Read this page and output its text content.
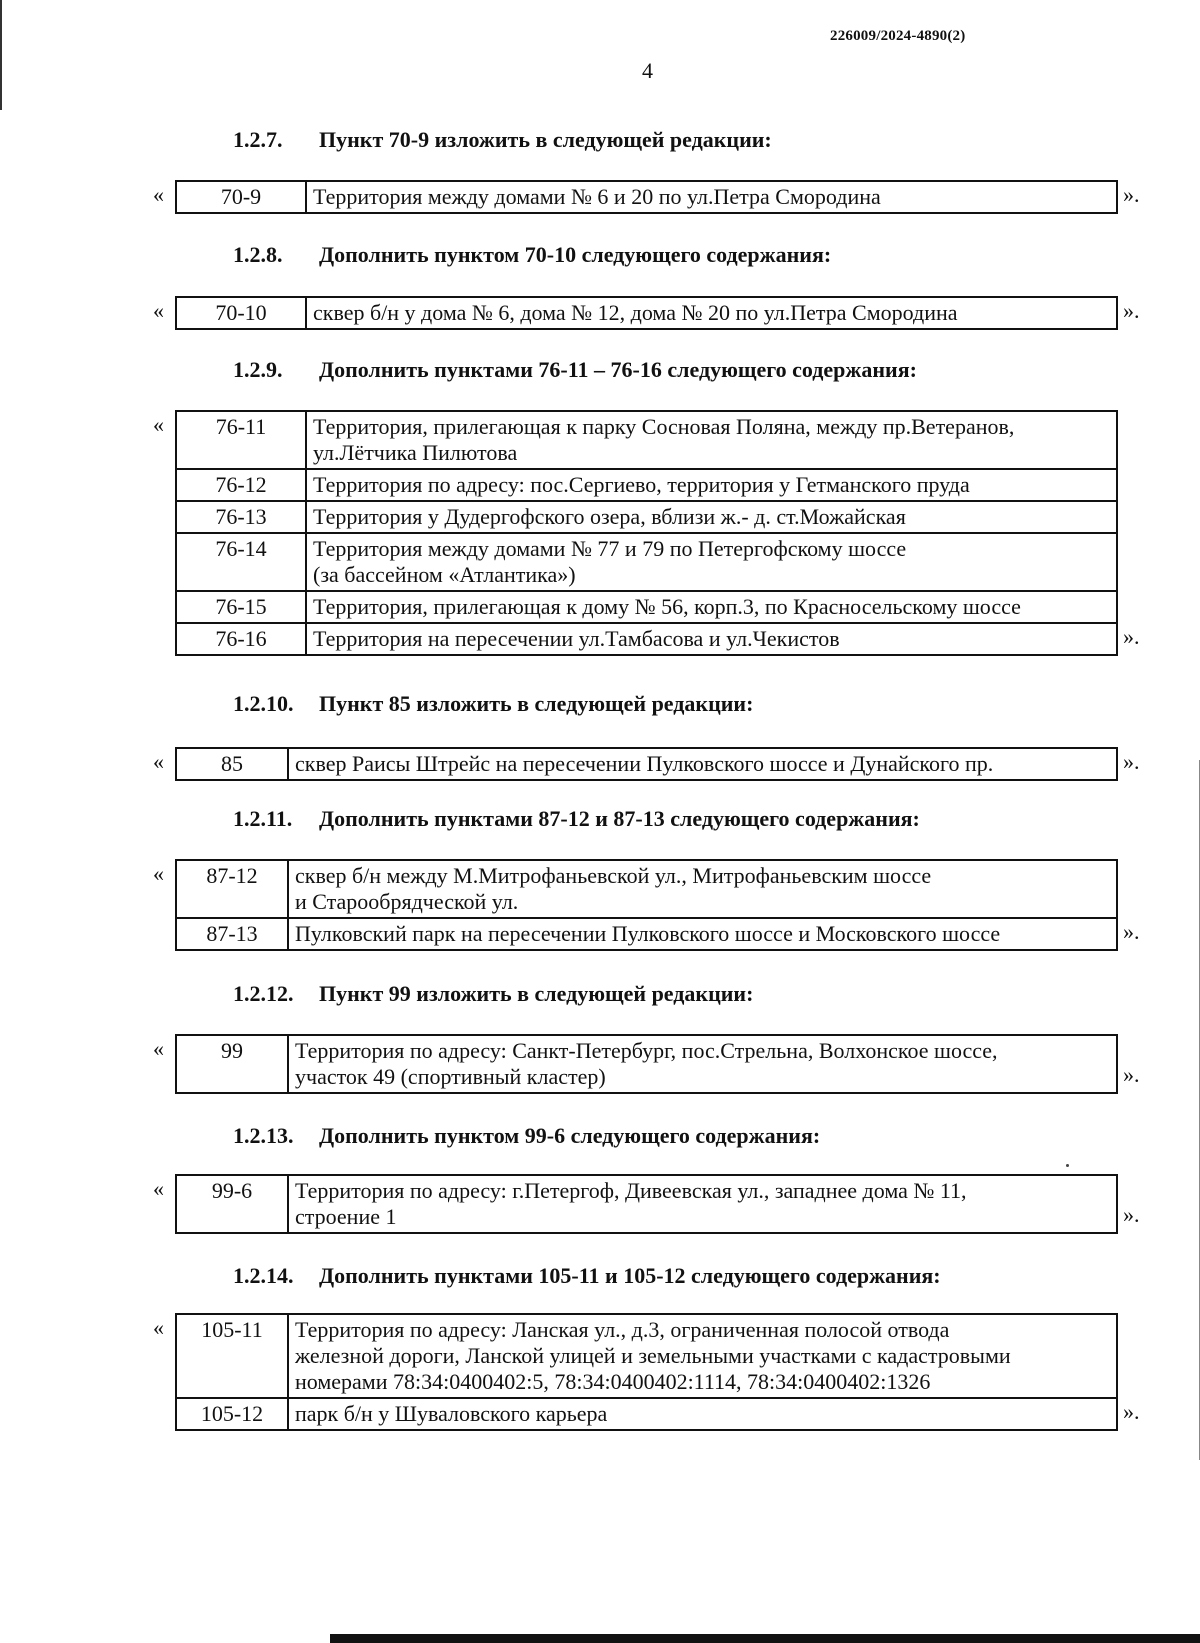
226009/2024-4890(2)
4
1.2.7. Пункт 70-9 изложить в следующей редакции:
«	70-9	Территория между домами № 6 и 20 по ул.Петра Смородина	».
1.2.8. Дополнить пунктом 70-10 следующего содержания:
« 70-10	сквер б/н у дома № 6, дома № 12, дома № 20 по ул.Петра Смородина	».
1.2.9. Дополнить пунктами 76-11 – 76-16 следующего содержания:
« 76-11	Территория, прилегающая к парку Сосновая Поляна, между пр.Ветеранов,
ул.Лётчика Пилютова
76-12	Территория по адресу: пос.Сергиево, территория у Гетманского пруда
76-13	Территория у Дудергофского озера, вблизи ж.- д. ст.Можайская
76-14	Территория между домами № 77 и 79 по Петергофскому шоссе
(за бассейном «Атлантика»)
76-15	Территория, прилегающая к дому № 56, корп.3, по Красносельскому шоссе
76-16	Территория на пересечении ул.Тамбасова и ул.Чекистов	».
1.2.10. Пункт 85 изложить в следующей редакции:
«	85	сквер Раисы Штрейс на пересечении Пулковского шоссе и Дунайского пр.	».
1.2.11. Дополнить пунктами 87-12 и 87-13 следующего содержания:
« 87-12	сквер б/н между М.Митрофаньевской ул., Митрофаньевским шоссе
и Старообрядческой ул.
87-13	Пулковский парк на пересечении Пулковского шоссе и Московского шоссе	».
1.2.12. Пункт 99 изложить в следующей редакции:
«	99	Территория по адресу: Санкт-Петербург, пос.Стрельна, Волхонское шоссе,
участок 49 (спортивный кластер)	».
1.2.13. Дополнить пунктом 99-6 следующего содержания:
« 99-6	Территория по адресу: г.Петергоф, Дивеевская ул., западнее дома № 11,
строение 1	».
1.2.14. Дополнить пунктами 105-11 и 105-12 следующего содержания:
« 105-11	Территория по адресу: Ланская ул., д.3, ограниченная полосой отвода
железной дороги, Ланской улицей и земельными участками с кадастровыми
номерами 78:34:0400402:5, 78:34:0400402:1114, 78:34:0400402:1326
105-12	парк б/н у Шуваловского карьера	».
